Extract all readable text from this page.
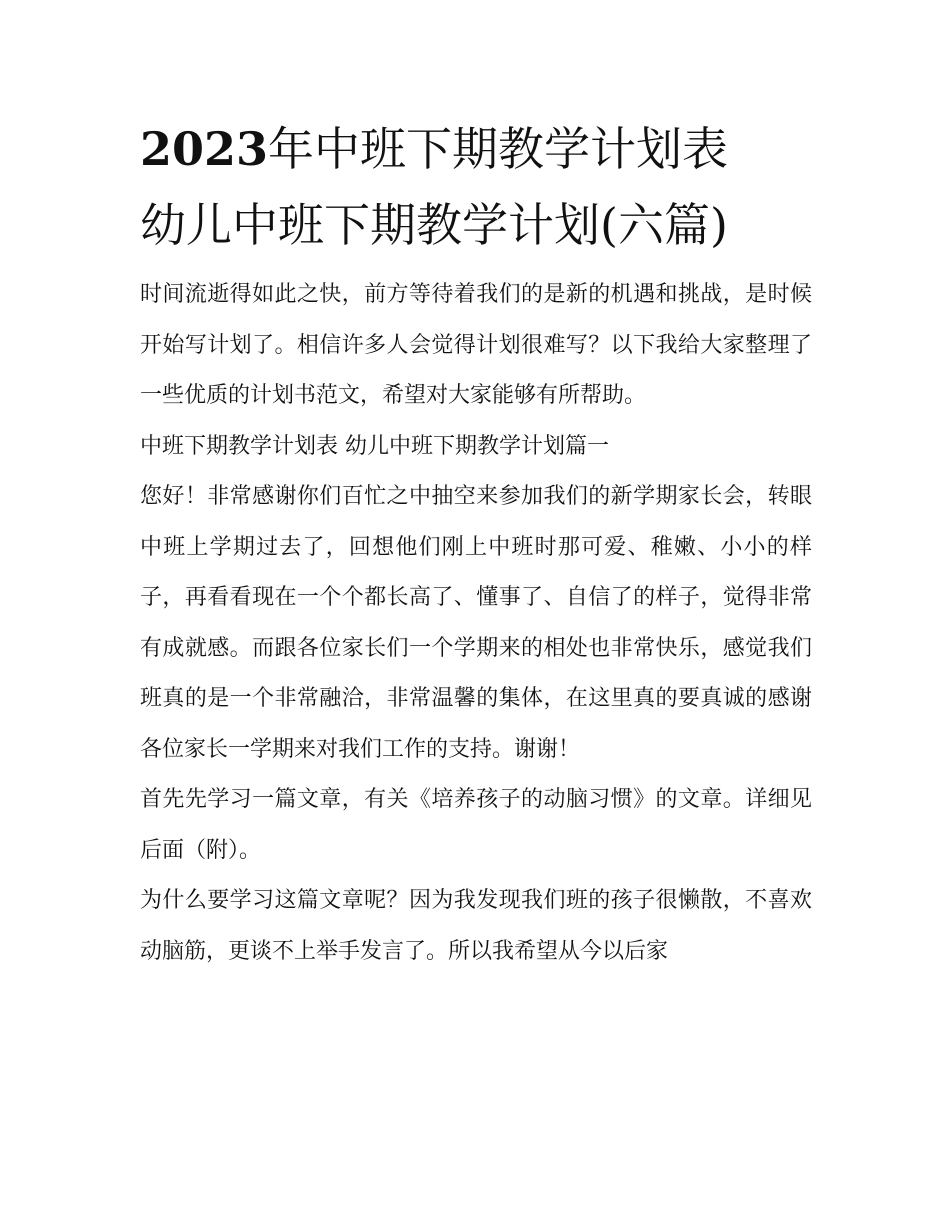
2023年中班下期教学计划表
幼儿中班下期教学计划(六篇)

时间流逝得如此之快，前方等待着我们的是新的机遇和挑战，是时候开始写计划了。相信许多人会觉得计划很难写？以下我给大家整理了一些优质的计划书范文，希望对大家能够有所帮助。

中班下期教学计划表 幼儿中班下期教学计划篇一

您好！非常感谢你们百忙之中抽空来参加我们的新学期家长会，转眼中班上学期过去了，回想他们刚上中班时那可爱、稚嫩、小小的样子，再看看现在一个个都长高了、懂事了、自信了的样子，觉得非常有成就感。而跟各位家长们一个学期来的相处也非常快乐，感觉我们班真的是一个非常融洽，非常温馨的集体，在这里真的要真诚的感谢各位家长一学期来对我们工作的支持。谢谢！

首先先学习一篇文章，有关《培养孩子的动脑习惯》的文章。详细见后面（附）。

为什么要学习这篇文章呢？因为我发现我们班的孩子很懒散，不喜欢动脑筋，更谈不上举手发言了。所以我希望从今以后家
